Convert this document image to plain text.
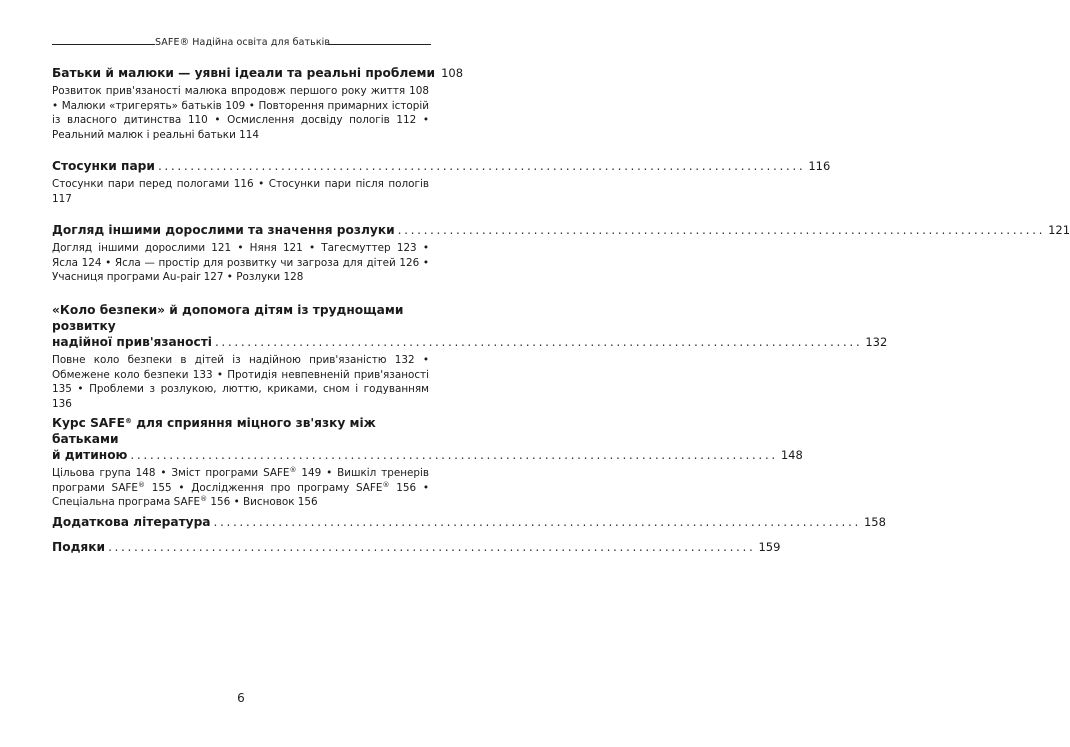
SAFE® Надійна освіта для батьків
Батьки й малюки — уявні ідеали та реальні проблеми 108
Розвиток прив'язаності малюка впродовж першого року життя 108 • Малюки «тригерять» батьків 109 • Повторення примарних історій із власного дитинства 110 • Осмислення досвіду пологів 112 • Реальний малюк і реальні батьки 114
Стосунки пари .................................................................................................... 116
Стосунки пари перед пологами 116 • Стосунки пари після пологів 117
Догляд іншими дорослими та значення розлуки .................................................................................................... 121
Догляд іншими дорослими 121 • Няня 121 • Тагесмуттер 123 • Ясла 124 • Ясла — простір для розвитку чи загроза для дітей 126 • Учасниця програми Au-pair 127 • Розлуки 128
«Коло безпеки» й допомога дітям із труднощами розвитку
надійної прив'язаності .................................................................................................... 132
Повне коло безпеки в дітей із надійною прив'язаністю 132 • Обмежене коло безпеки 133 • Протидія невпевненій прив'язаності 135 • Проблеми з розлукою, люттю, криками, сном і годуванням 136
Курс SAFE® для сприяння міцного зв'язку між батьками
й дитиною .................................................................................................... 148
Цільова група 148 • Зміст програми SAFE® 149 • Вишкіл тренерів програми SAFE® 155 • Дослідження про програму SAFE® 156 • Спеціальна програма SAFE® 156 • Висновок 156
Додаткова література .................................................................................................... 158
Подяки .................................................................................................... 159
6
